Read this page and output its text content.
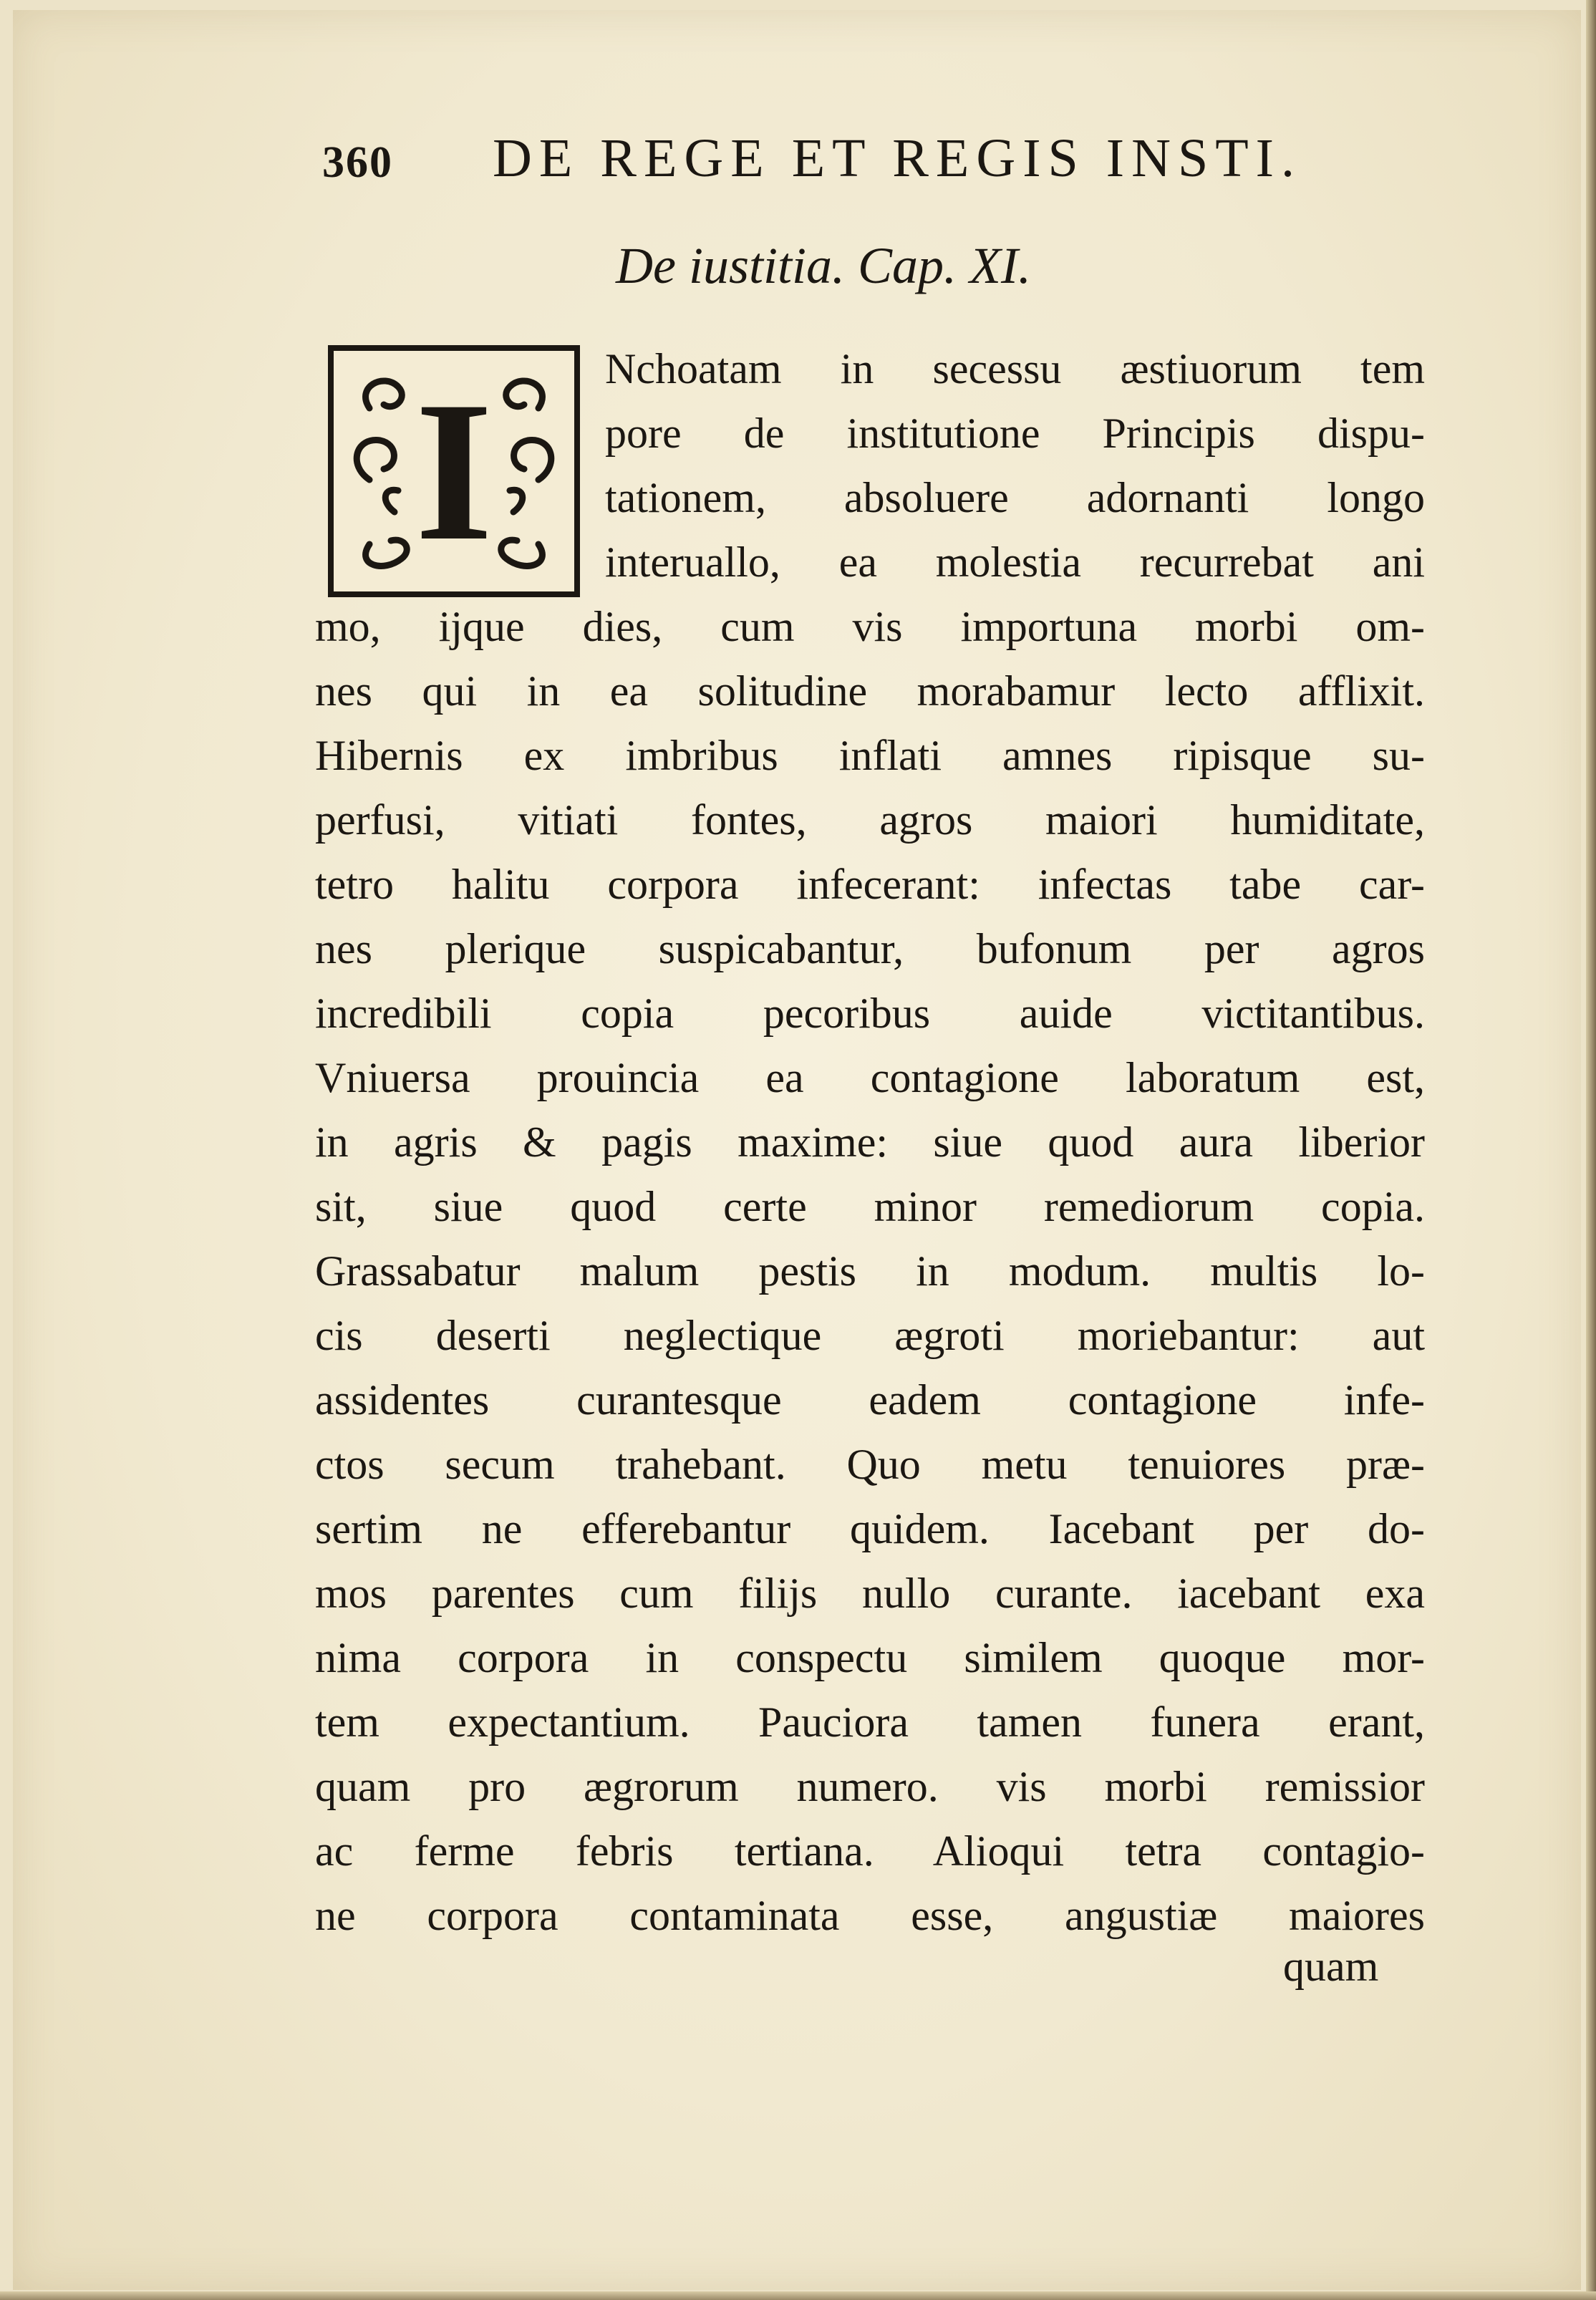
360 DE REGE ET REGIS INSTI.
De iustitia. Cap. XI.
I	Nchoatam in secessu æstiuorum tem
pore de institutione Principis dispu-
tationem, absoluere adornanti longo
interuallo, ea molestia recurrebat ani
mo, ijque dies, cum vis importuna morbi om-
nes qui in ea solitudine morabamur lecto afflixit.
Hibernis ex imbribus inflati amnes ripisque su-
perfusi, vitiati fontes, agros maiori humiditate,
tetro halitu corpora infecerant: infectas tabe car-
nes plerique suspicabantur, bufonum per agros
incredibili copia pecoribus auide victitantibus.
Vniuersa prouincia ea contagione laboratum est,
in agris & pagis maxime: siue quod aura liberior
sit, siue quod certe minor remediorum copia.
Grassabatur malum pestis in modum. multis lo-
cis deserti neglectique ægroti moriebantur: aut
assidentes curantesque eadem contagione infe-
ctos secum trahebant. Quo metu tenuiores præ-
sertim ne efferebantur quidem. Iacebant per do-
mos parentes cum filijs nullo curante. iacebant exa
nima corpora in conspectu similem quoque mor-
tem expectantium. Pauciora tamen funera erant,
quam pro ægrorum numero. vis morbi remissior
ac ferme febris tertiana. Alioqui tetra contagio-
ne corpora contaminata esse, angustiæ maiores
quam
